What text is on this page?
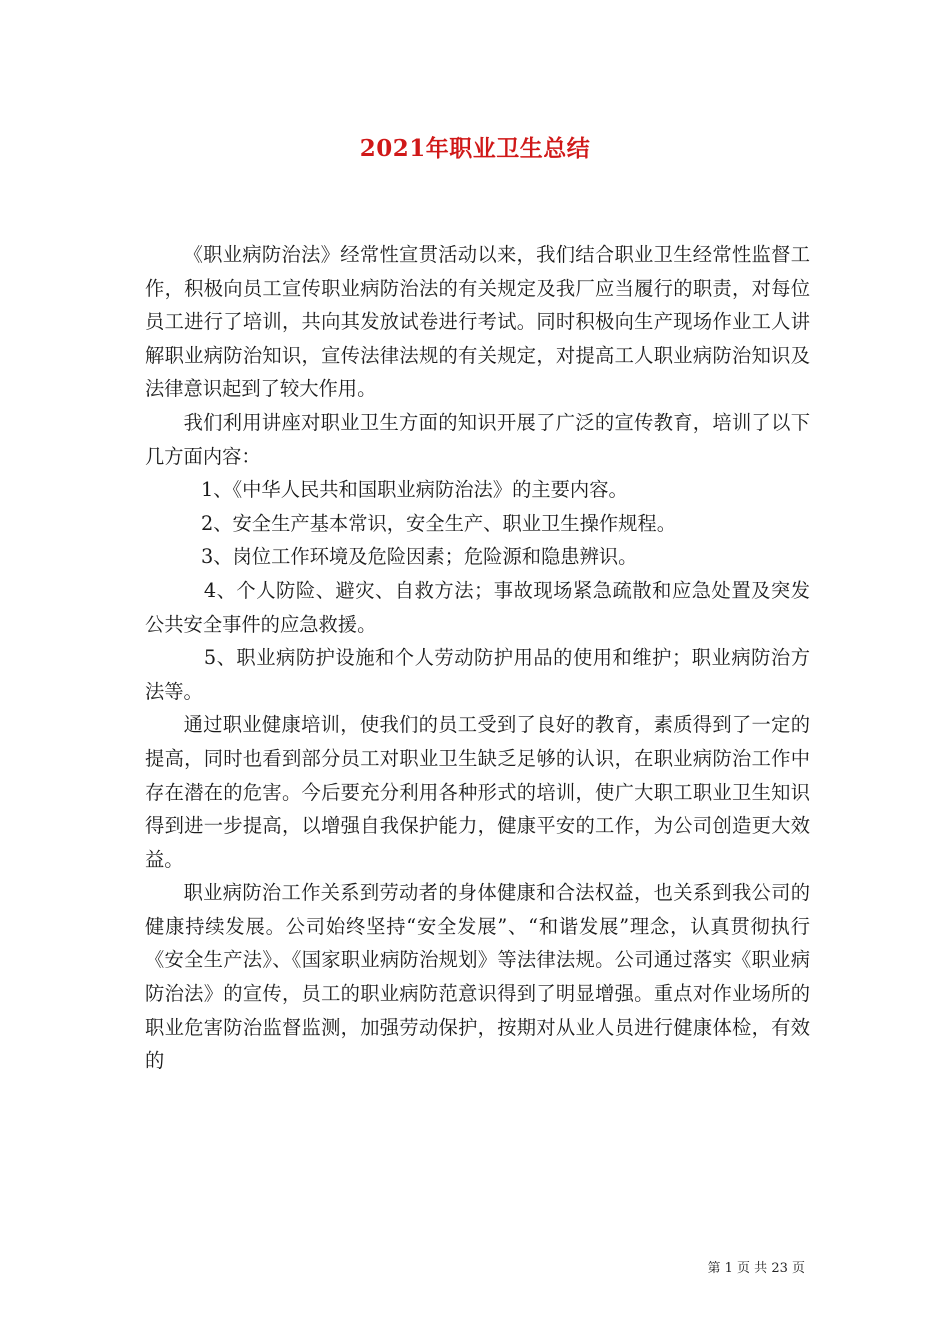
2021年职业卫生总结

《职业病防治法》经常性宣贯活动以来，我们结合职业卫生经常性监督工作，积极向员工宣传职业病防治法的有关规定及我厂应当履行的职责，对每位员工进行了培训，共向其发放试卷进行考试。同时积极向生产现场作业工人讲解职业病防治知识，宣传法律法规的有关规定，对提高工人职业病防治知识及法律意识起到了较大作用。

我们利用讲座对职业卫生方面的知识开展了广泛的宣传教育，培训了以下几方面内容：

1、《中华人民共和国职业病防治法》的主要内容。

2、安全生产基本常识，安全生产、职业卫生操作规程。

3、岗位工作环境及危险因素；危险源和隐患辨识。

4、个人防险、避灾、自救方法；事故现场紧急疏散和应急处置及突发公共安全事件的应急救援。

5、职业病防护设施和个人劳动防护用品的使用和维护；职业病防治方法等。

通过职业健康培训，使我们的员工受到了良好的教育，素质得到了一定的提高，同时也看到部分员工对职业卫生缺乏足够的认识，在职业病防治工作中存在潜在的危害。今后要充分利用各种形式的培训，使广大职工职业卫生知识得到进一步提高，以增强自我保护能力，健康平安的工作，为公司创造更大效益。

职业病防治工作关系到劳动者的身体健康和合法权益，也关系到我公司的健康持续发展。公司始终坚持“安全发展”、“和谐发展”理念，认真贯彻执行《安全生产法》、《国家职业病防治规划》等法律法规。公司通过落实《职业病防治法》的宣传，员工的职业病防范意识得到了明显增强。重点对作业场所的职业危害防治监督监测，加强劳动保护，按期对从业人员进行健康体检，有效的

第 1 页 共 23 页
